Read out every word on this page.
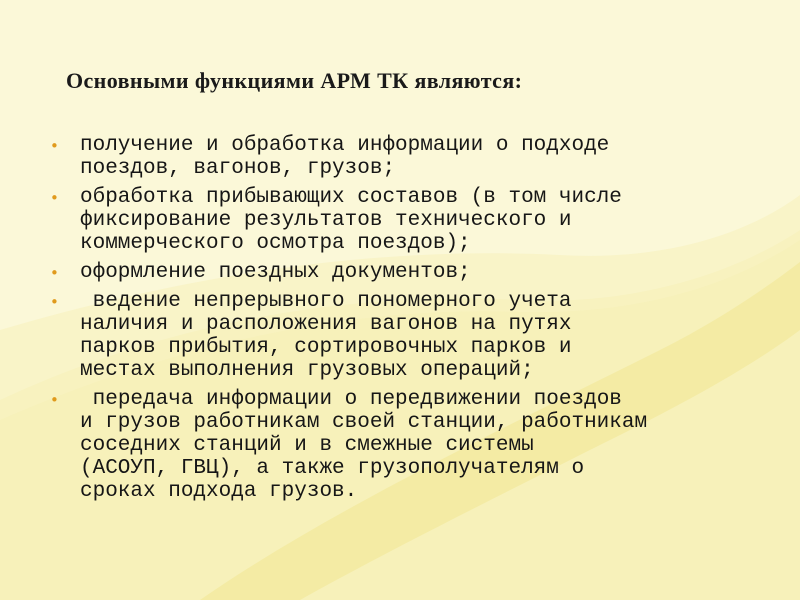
Основными функциями АРМ ТК являются:
• получение и обработка информации о подходе
поездов, вагонов, грузов;
• обработка прибывающих составов (в том числе
фиксирование результатов технического и
коммерческого осмотра поездов);
• оформление поездных документов;
•	ведение непрерывного пономерного учета
наличия и расположения вагонов на путях
парков прибытия, сортировочных парков и
местах выполнения грузовых операций;
•	передача информации о передвижении поездов
и грузов работникам своей станции, работникам
соседних станций и в смежные системы
(АСОУП, ГВЦ), а также грузополучателям о
сроках подхода грузов.
